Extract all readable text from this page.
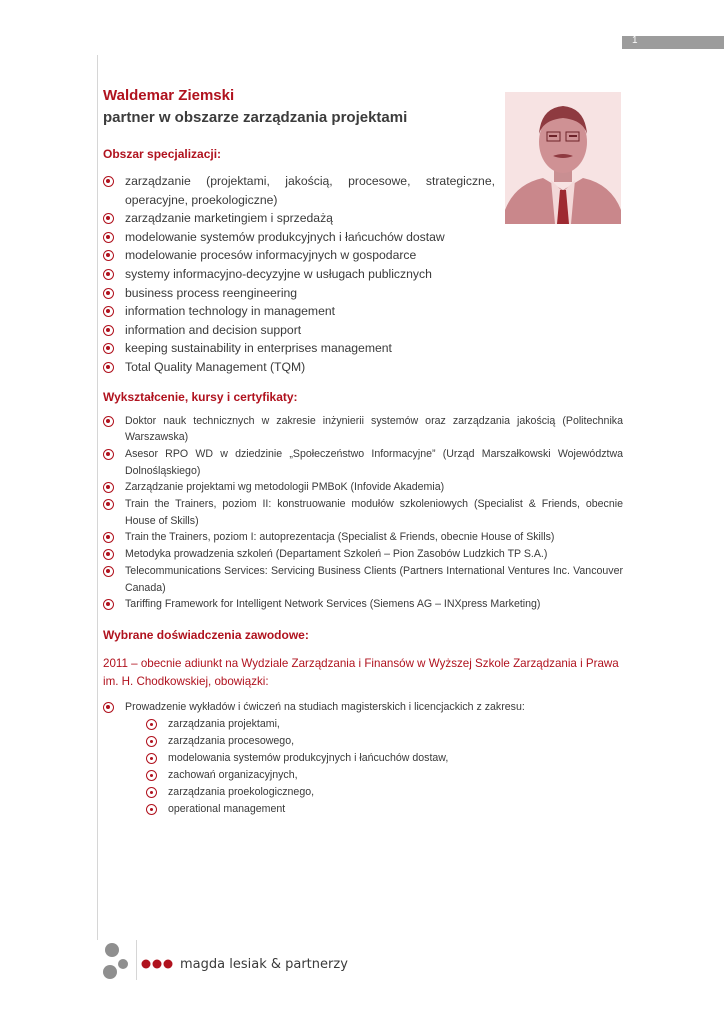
1
Waldemar Ziemski
partner w obszarze zarządzania projektami
Obszar specjalizacji:
zarządzanie (projektami, jakością, procesowe, strategiczne, operacyjne, proekologiczne)
zarządzanie marketingiem i sprzedażą
modelowanie systemów produkcyjnych i łańcuchów dostaw
modelowanie procesów informacyjnych w gospodarce
systemy informacyjno-decyzyjne w usługach publicznych
business process reengineering
information technology in management
information and decision support
keeping sustainability in enterprises management
Total Quality Management (TQM)
Wykształcenie, kursy i certyfikaty:
Doktor nauk technicznych w zakresie inżynierii systemów oraz zarządzania jakością (Politechnika Warszawska)
Asesor RPO WD w dziedzinie „Społeczeństwo Informacyjne” (Urząd Marszałkowski Województwa Dolnośląskiego)
Zarządzanie projektami wg metodologii PMBoK (Infovide Akademia)
Train the Trainers, poziom II: konstruowanie modułów szkoleniowych (Specialist & Friends, obecnie House of Skills)
Train the Trainers, poziom I: autoprezentacja (Specialist & Friends, obecnie House of Skills)
Metodyka prowadzenia szkoleń (Departament Szkoleń – Pion Zasobów Ludzkich TP S.A.)
Telecommunications Services: Servicing Business Clients (Partners International Ventures Inc. Vancouver Canada)
Tariffing Framework for Intelligent Network Services (Siemens AG – INXpress Marketing)
Wybrane doświadczenia zawodowe:

2011 – obecnie adiunkt na Wydziale Zarządzania i Finansów w Wyższej Szkole Zarządzania i Prawa im. H. Chodkowskiej, obowiązki:

Prowadzenie wykładów i ćwiczeń na studiach magisterskich i licencjackich z zakresu:
zarządzania projektami,
zarządzania procesowego,
modelowania systemów produkcyjnych i łańcuchów dostaw,
zachowań organizacyjnych,
zarządzania proekologicznego,
operational management
magda lesiak & partnerzy
